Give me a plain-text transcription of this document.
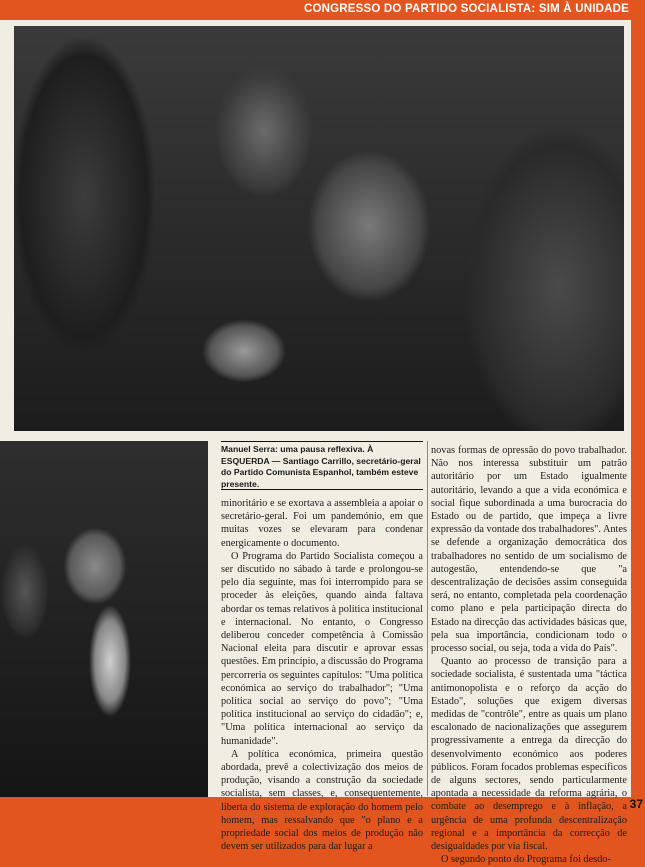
CONGRESSO DO PARTIDO SOCIALISTA: SIM À UNIDADE
Manuel Serra: uma pausa reflexiva. À ESQUERDA — Santiago Carrillo, secretário-geral do Partido Comunista Espanhol, também esteve presente.

minoritário e se exortava a assembleia a apoiar o secretário-geral. Foi um pandemónio, em que muitas vozes se elevaram para condenar energicamente o documento.

O Programa do Partido Socialista começou a ser discutido no sábado à tarde e prolongou-se pelo dia seguinte, mas foi interrompido para se proceder às eleições, quando ainda faltava abordar os temas relativos à política institucional e internacional. No entanto, o Congresso deliberou conceder competência à Comissão Nacional eleita para discutir e aprovar essas questões. Em princípio, a discussão do Programa percorreria os seguintes capítulos: "Uma política económica ao serviço do trabalhador"; "Uma política social ao serviço do povo"; "Uma política institucional ao serviço do cidadão"; e, "Uma política internacional ao serviço da humanidade".

A política económica, primeira questão abordada, prevê a colectivização dos meios de produção, visando a construção da sociedade socialista, sem classes, e, consequentemente, liberta do sistema de exploração do homem pelo homem, mas ressalvando que "o plano e a propriedade social dos meios de produção não devem ser utilizados para dar lugar a

novas formas de opressão do povo trabalhador. Não nos interessa substituir um patrão autoritário por um Estado igualmente autoritário, levando a que a vida económica e social fique subordinada a uma burocracia do Estado ou de partido, que impeça a livre expressão da vontade dos trabalhadores". Antes se defende a organização democrática dos trabalhadores no sentido de um socialismo de autogestão, entendendo-se que "a descentralização de decisões assim conseguida será, no entanto, completada pela coordenação como plano e pela participação directa do Estado na direcção das actividades básicas que, pela sua importância, condicionam todo o processo social, ou seja, toda a vida do País".

Quanto ao processo de transição para a sociedade socialista, é sustentada uma "táctica antimonopolista e o reforço da acção do Estado", soluções que exigem diversas medidas de "contrôle", entre as quais um plano escalonado de nacionalizações que assegurem progressivamente a entrega da direcção do desenvolvimento económico aos poderes públicos. Foram focados problemas específicos de alguns sectores, sendo particularmente apontada a necessidade da reforma agrária, o combate ao desemprego e à inflação, a urgência de uma profunda descentralização regional e a importância da correcção de desigualdades por via fiscal.

O segundo ponto do Programa foi desdo-

37
